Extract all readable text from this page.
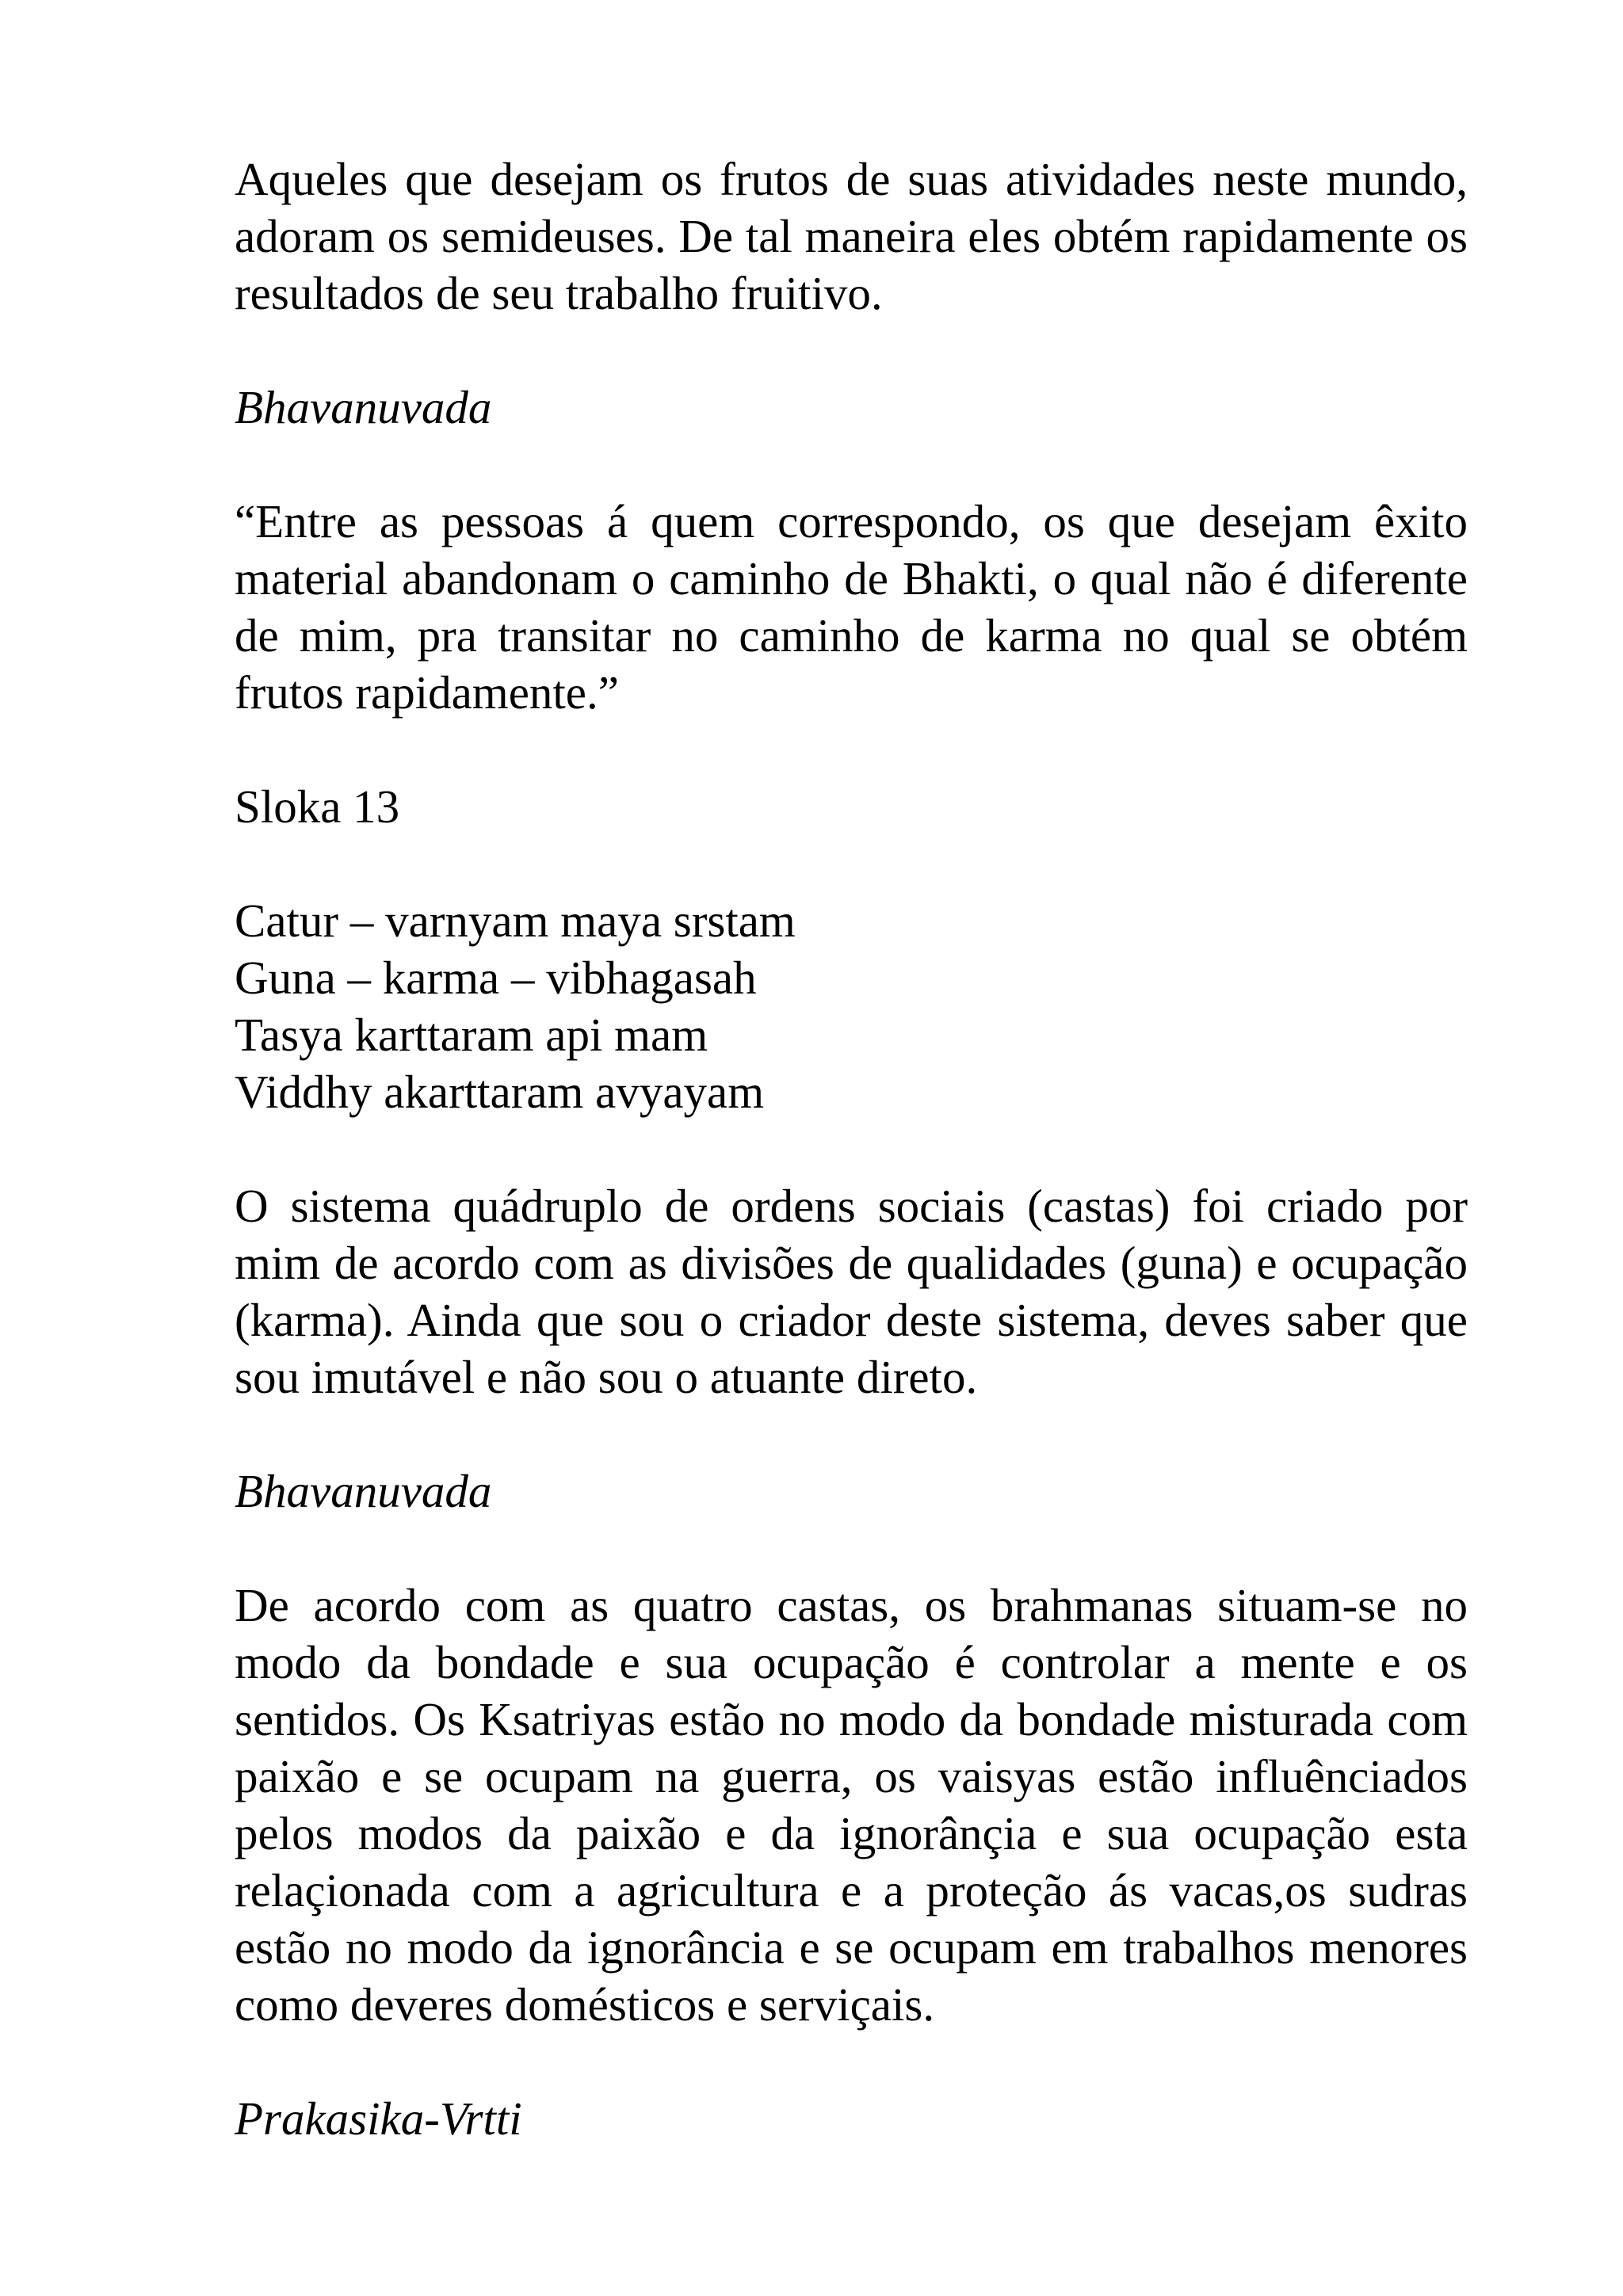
Aqueles que desejam os frutos de suas atividades neste mundo, adoram os semideuses. De tal maneira eles obtém rapidamente os resultados de seu trabalho fruitivo.

Bhavanuvada

“Entre as pessoas á quem correspondo, os que desejam êxito material abandonam o caminho de Bhakti, o qual não é diferente de mim, pra transitar no caminho de karma no qual se obtém frutos rapidamente.”

Sloka 13

Catur – varnyam maya srstam
Guna – karma – vibhagasah
Tasya karttaram api mam
Viddhy akarttaram avyayam

O sistema quádruplo de ordens sociais (castas) foi criado por mim de acordo com as divisões de qualidades (guna) e ocupação (karma). Ainda que sou o criador deste sistema, deves saber que sou imutável e não sou o atuante direto.

Bhavanuvada

De acordo com as quatro castas, os brahmanas situam-se no modo da bondade e sua ocupação é controlar a mente e os sentidos. Os Ksatriyas estão no modo da bondade misturada com paixão e se ocupam na guerra, os vaisyas estão influênciados pelos modos da paixão e da ignorânçia e sua ocupação esta relaçionada com a agricultura e a proteção ás vacas,os sudras estão no modo da ignorância e se ocupam em trabalhos menores como deveres domésticos e serviçais.

Prakasika-Vrtti
